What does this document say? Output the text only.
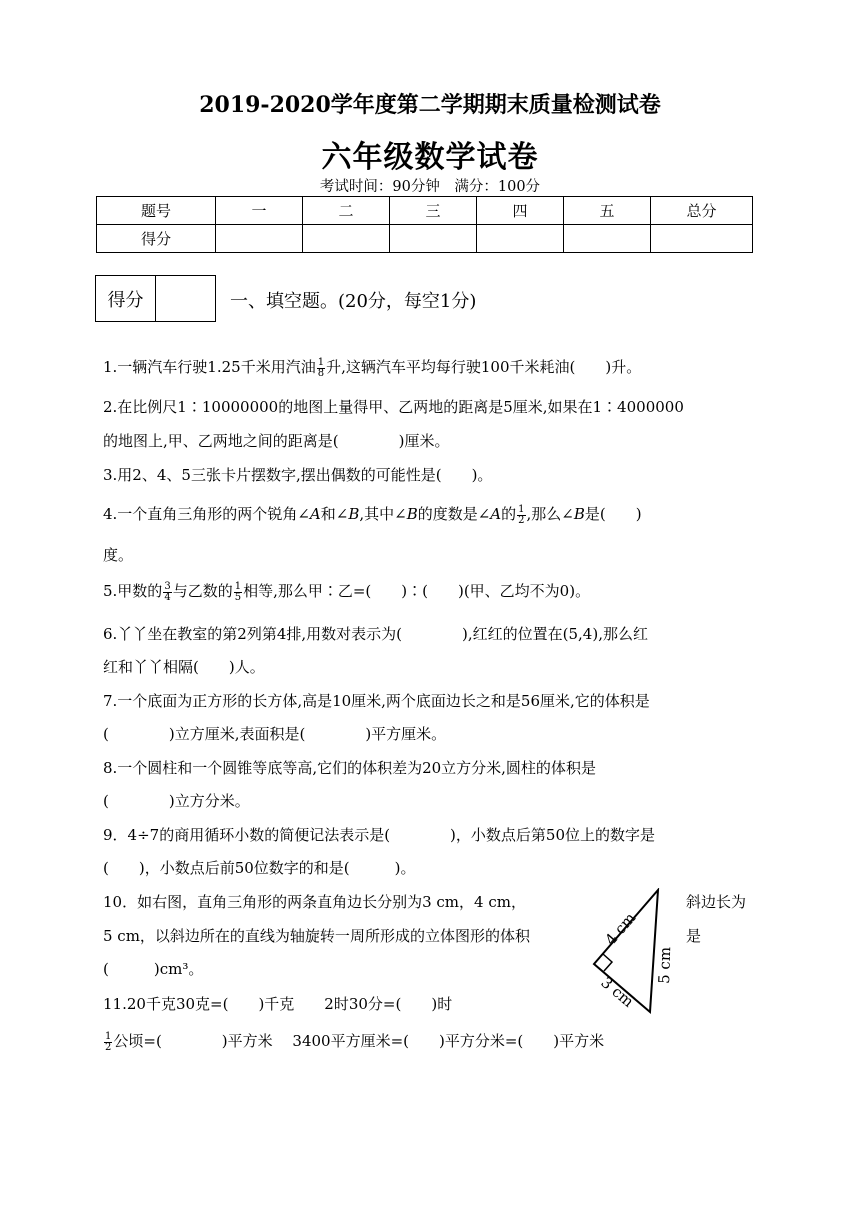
2019-2020学年度第二学期期末质量检测试卷
六年级数学试卷
考试时间：90分钟　满分：100分
题号	一	二	三	四	五	总分
得分						
得分	一、填空题。(20分，每空1分)
1.一辆汽车行驶1.25千米用汽油 $\frac{1}{8}$ 升,这辆汽车平均每行驶100千米耗油(　　)升。
2.在比例尺1∶10000000的地图上量得甲、乙两地的距离是5厘米,如果在1∶4000000
的地图上,甲、乙两地之间的距离是(　　　　)厘米。
3.用2、4、5三张卡片摆数字,摆出偶数的可能性是(　　)。
4.一个直角三角形的两个锐角∠A和∠B,其中∠B的度数是∠A的 $\frac{1}{2}$ ,那么∠B是(　　)
度。
5.甲数的 $\frac{3}{4}$ 与乙数的 $\frac{1}{5}$ 相等,那么甲∶乙=(　　)∶(　　)(甲、乙均不为0)。
6.丫丫坐在教室的第2列第4排,用数对表示为(　　　　),红红的位置在(5,4),那么红
红和丫丫相隔(　　)人。
7.一个底面为正方形的长方体,高是10厘米,两个底面边长之和是56厘米,它的体积是
(　　　　)立方厘米,表面积是(　　　　)平方厘米。
8.一个圆柱和一个圆锥等底等高,它们的体积差为20立方分米,圆柱的体积是
(　　　　)立方分米。
9．4÷7的商用循环小数的简便记法表示是(　　　　)，小数点后第50位上的数字是
(　　)，小数点后前50位数字的和是(　　　)。
10．如右图，直角三角形的两条直角边长分别为3 cm，4 cm，	斜边长为
5 cm，以斜边所在的直线为轴旋转一周所形成的立体图形的体积	是
(　　　)cm³。
4 cm
3 cm
5 cm
11.20千克30克=(　　)千克　　2时30分=(　　)时
$\frac{1}{2}$ 公顷=(　　　　)平方米　 3400平方厘米=(　　)平方分米=(　　)平方米
